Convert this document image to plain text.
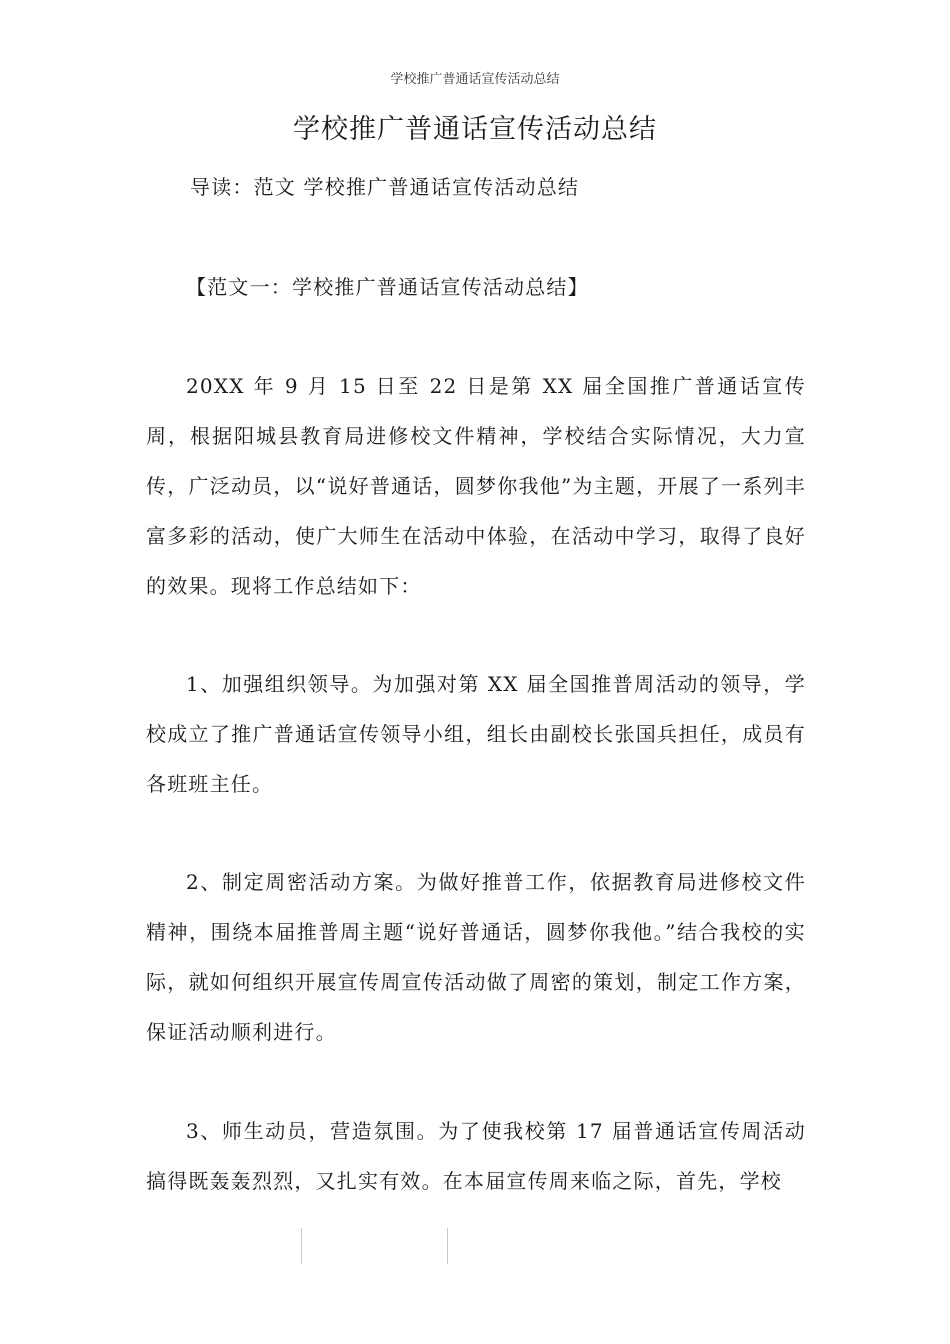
学校推广普通话宣传活动总结
学校推广普通话宣传活动总结
导读：范文 学校推广普通话宣传活动总结
【范文一：学校推广普通话宣传活动总结】
20XX 年 9 月 15 日至 22 日是第 XX 届全国推广普通话宣传周，根据阳城县教育局进修校文件精神，学校结合实际情况，大力宣传，广泛动员，以“说好普通话，圆梦你我他”为主题，开展了一系列丰富多彩的活动，使广大师生在活动中体验，在活动中学习，取得了良好的效果。现将工作总结如下：
1、加强组织领导。为加强对第 XX 届全国推普周活动的领导，学校成立了推广普通话宣传领导小组，组长由副校长张国兵担任，成员有各班班主任。
2、制定周密活动方案。为做好推普工作，依据教育局进修校文件精神，围绕本届推普周主题“说好普通话，圆梦你我他。”结合我校的实际，就如何组织开展宣传周宣传活动做了周密的策划，制定工作方案，保证活动顺利进行。
3、师生动员，营造氛围。为了使我校第 17 届普通话宣传周活动搞得既轰轰烈烈，又扎实有效。在本届宣传周来临之际，首先，学校
